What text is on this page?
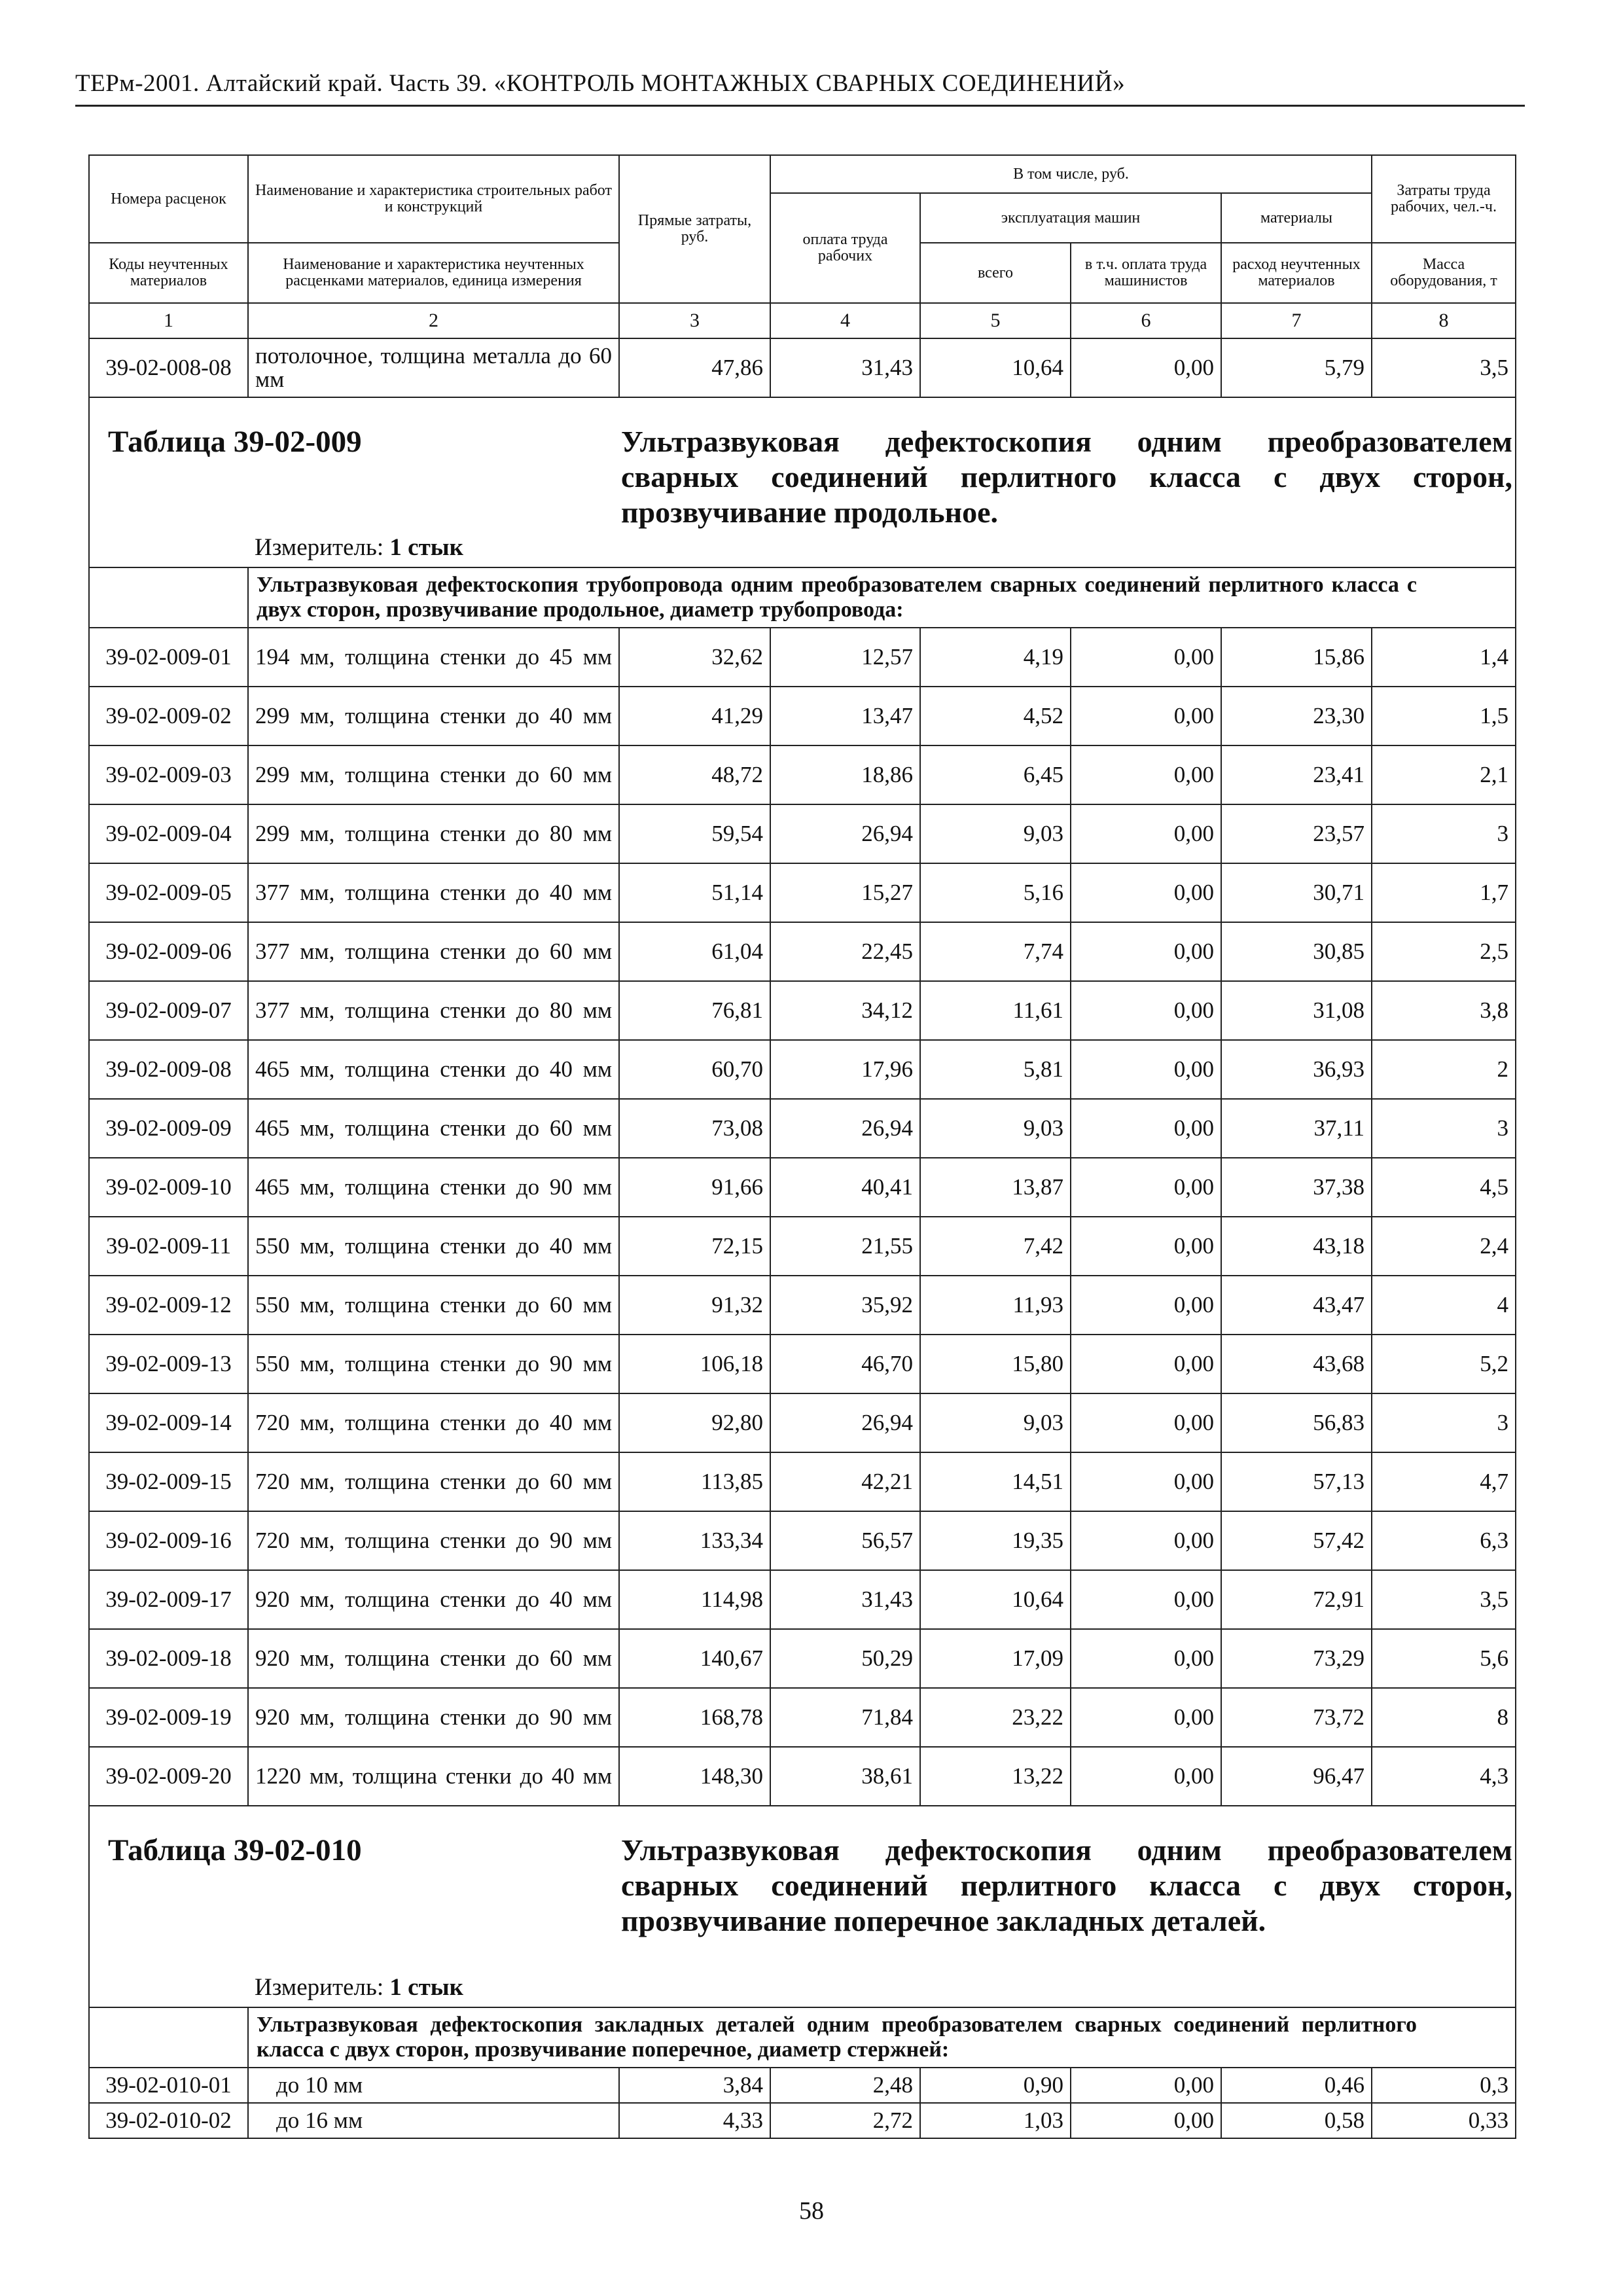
ТЕРм-2001. Алтайский край. Часть 39. «КОНТРОЛЬ МОНТАЖНЫХ СВАРНЫХ СОЕДИНЕНИЙ»
Номера расценок	Наименование и характеристика строительных работ и конструкций	Прямые затраты, руб.	В том числе, руб.				Затраты труда рабочих, чел.-ч.
			оплата труда рабочих	эксплуатация машин		материалы	
Коды неучтенных материалов	Наименование и характеристика неучтенных расценками материалов, единица измерения			всего	в т.ч. оплата труда машинистов	расход неучтенных материалов	Масса оборудования, т
1	2	3	4	5	6	7	8
39-02-008-08	потолочное, толщина металла до 60 мм	47,86	31,43	10,64	0,00	5,79	3,5

Таблица 39-02-009 Ультразвуковая дефектоскопия одним преобразователем сварных соединений перлитного класса с двух сторон, прозвучивание продольное.
Измеритель: 1 стык							

	Ультразвуковая дефектоскопия трубопровода одним преобразователем сварных соединений перлитного класса с двух сторон, прозвучивание продольное, диаметр трубопровода:						
39-02-009-01	194 мм, толщина стенки до 45 мм	32,62	12,57	4,19	0,00	15,86	1,4
39-02-009-02	299 мм, толщина стенки до 40 мм	41,29	13,47	4,52	0,00	23,30	1,5
39-02-009-03	299 мм, толщина стенки до 60 мм	48,72	18,86	6,45	0,00	23,41	2,1
39-02-009-04	299 мм, толщина стенки до 80 мм	59,54	26,94	9,03	0,00	23,57	3
39-02-009-05	377 мм, толщина стенки до 40 мм	51,14	15,27	5,16	0,00	30,71	1,7
39-02-009-06	377 мм, толщина стенки до 60 мм	61,04	22,45	7,74	0,00	30,85	2,5
39-02-009-07	377 мм, толщина стенки до 80 мм	76,81	34,12	11,61	0,00	31,08	3,8
39-02-009-08	465 мм, толщина стенки до 40 мм	60,70	17,96	5,81	0,00	36,93	2
39-02-009-09	465 мм, толщина стенки до 60 мм	73,08	26,94	9,03	0,00	37,11	3
39-02-009-10	465 мм, толщина стенки до 90 мм	91,66	40,41	13,87	0,00	37,38	4,5
39-02-009-11	550 мм, толщина стенки до 40 мм	72,15	21,55	7,42	0,00	43,18	2,4
39-02-009-12	550 мм, толщина стенки до 60 мм	91,32	35,92	11,93	0,00	43,47	4
39-02-009-13	550 мм, толщина стенки до 90 мм	106,18	46,70	15,80	0,00	43,68	5,2
39-02-009-14	720 мм, толщина стенки до 40 мм	92,80	26,94	9,03	0,00	56,83	3
39-02-009-15	720 мм, толщина стенки до 60 мм	113,85	42,21	14,51	0,00	57,13	4,7
39-02-009-16	720 мм, толщина стенки до 90 мм	133,34	56,57	19,35	0,00	57,42	6,3
39-02-009-17	920 мм, толщина стенки до 40 мм	114,98	31,43	10,64	0,00	72,91	3,5
39-02-009-18	920 мм, толщина стенки до 60 мм	140,67	50,29	17,09	0,00	73,29	5,6
39-02-009-19	920 мм, толщина стенки до 90 мм	168,78	71,84	23,22	0,00	73,72	8
39-02-009-20	1220 мм, толщина стенки до 40 мм	148,30	38,61	13,22	0,00	96,47	4,3

Таблица 39-02-010 Ультразвуковая дефектоскопия одним преобразователем сварных соединений перлитного класса с двух сторон, прозвучивание поперечное закладных деталей.
Измеритель: 1 стык							

	Ультразвуковая дефектоскопия закладных деталей одним преобразователем сварных соединений перлитного класса с двух сторон, прозвучивание поперечное, диаметр стержней:						
39-02-010-01	до 10 мм	3,84	2,48	0,90	0,00	0,46	0,3
39-02-010-02	до 16 мм	4,33	2,72	1,03	0,00	0,58	0,33
58
